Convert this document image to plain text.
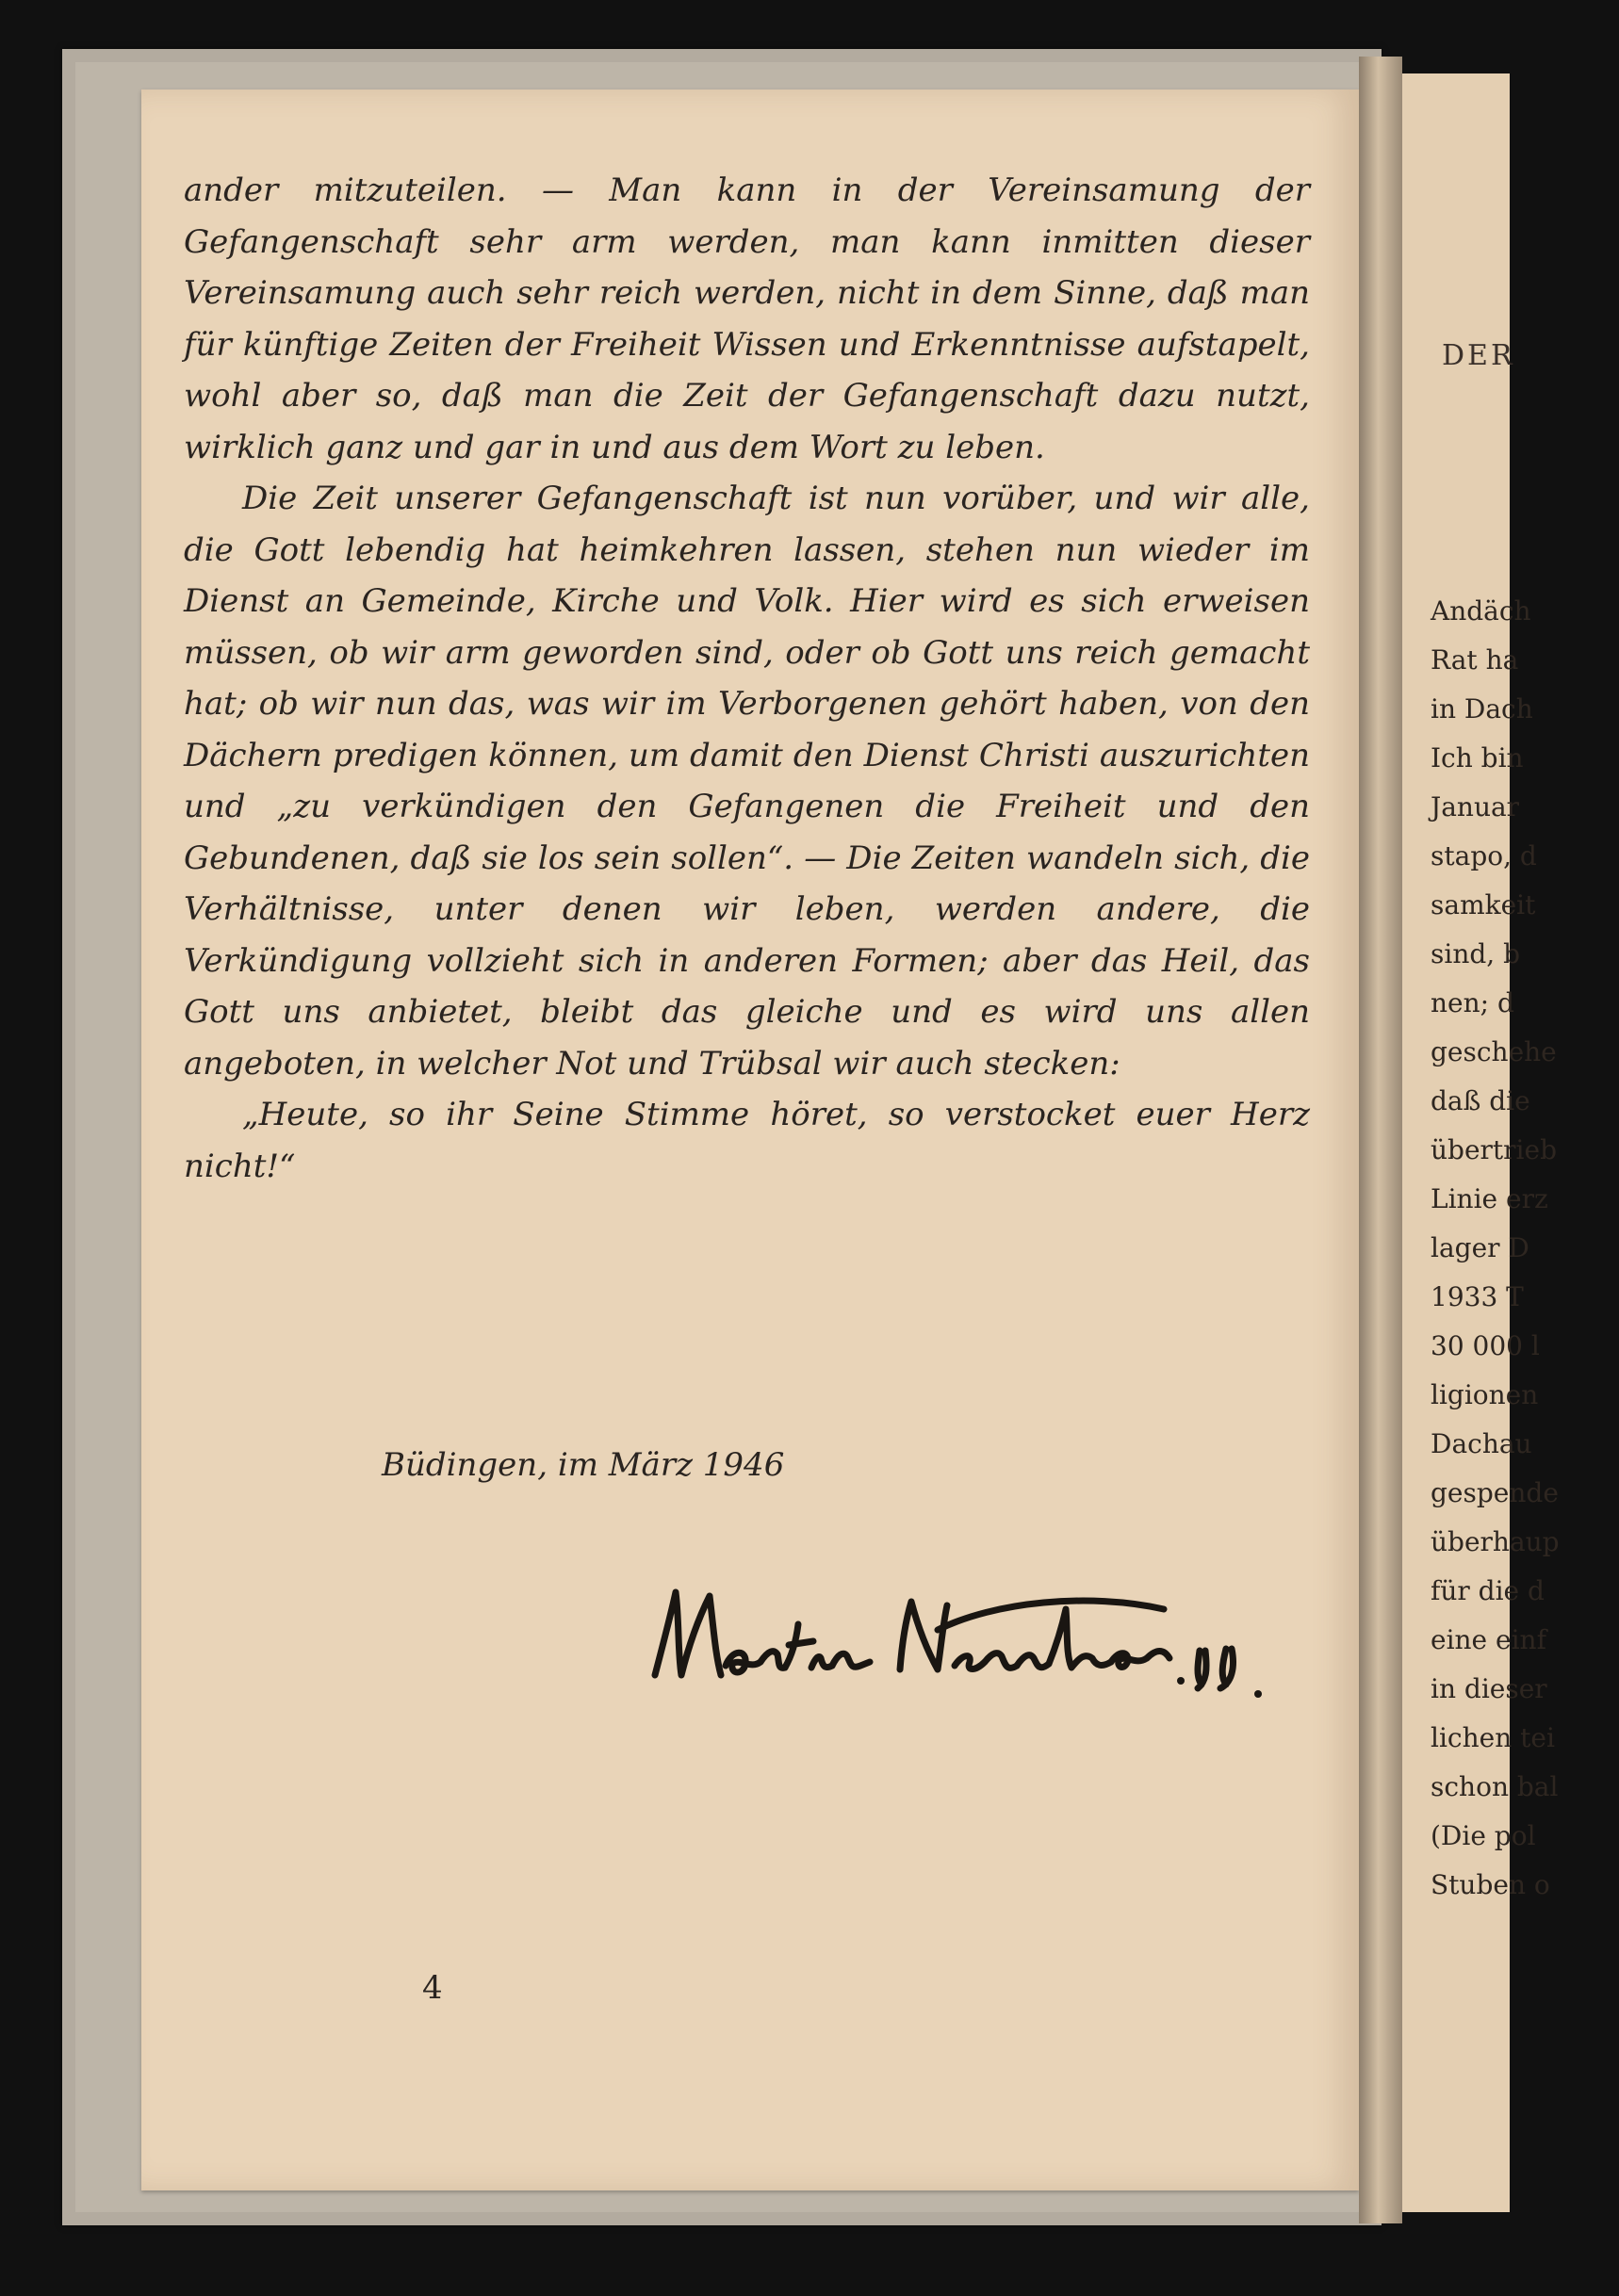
DER
Andäch
Rat ha
in Dach
Ich bin
Januar
stapo, d
samkeit
sind, b
nen; d
geschehe
daß die
übertrieb
Linie erz
lager D
1933 T
30 000 l
ligionen
Dachau
gespende
überhaup
für die d
eine einf
in dieser
lichen tei
schon bal
(Die pol
Stuben o

ander mitzuteilen. — Man kann in der Vereinsamung der Gefangenschaft sehr arm werden, man kann inmitten dieser Vereinsamung auch sehr reich werden, nicht in dem Sinne, daß man für künftige Zeiten der Freiheit Wissen und Erkenntnisse aufstapelt, wohl aber so, daß man die Zeit der Gefangenschaft dazu nutzt, wirklich ganz und gar in und aus dem Wort zu leben.

Die Zeit unserer Gefangenschaft ist nun vorüber, und wir alle, die Gott lebendig hat heimkehren lassen, stehen nun wieder im Dienst an Gemeinde, Kirche und Volk. Hier wird es sich erweisen müssen, ob wir arm geworden sind, oder ob Gott uns reich gemacht hat; ob wir nun das, was wir im Verborgenen gehört haben, von den Dächern predigen können, um damit den Dienst Christi auszurichten und „zu verkündigen den Gefangenen die Freiheit und den Gebundenen, daß sie los sein sollen“. — Die Zeiten wandeln sich, die Verhältnisse, unter denen wir leben, werden andere, die Verkündigung vollzieht sich in anderen Formen; aber das Heil, das Gott uns anbietet, bleibt das gleiche und es wird uns allen angeboten, in welcher Not und Trübsal wir auch stecken:

„Heute, so ihr Seine Stimme höret, so verstocket euer Herz nicht!“

Büdingen, im März 1946
4
